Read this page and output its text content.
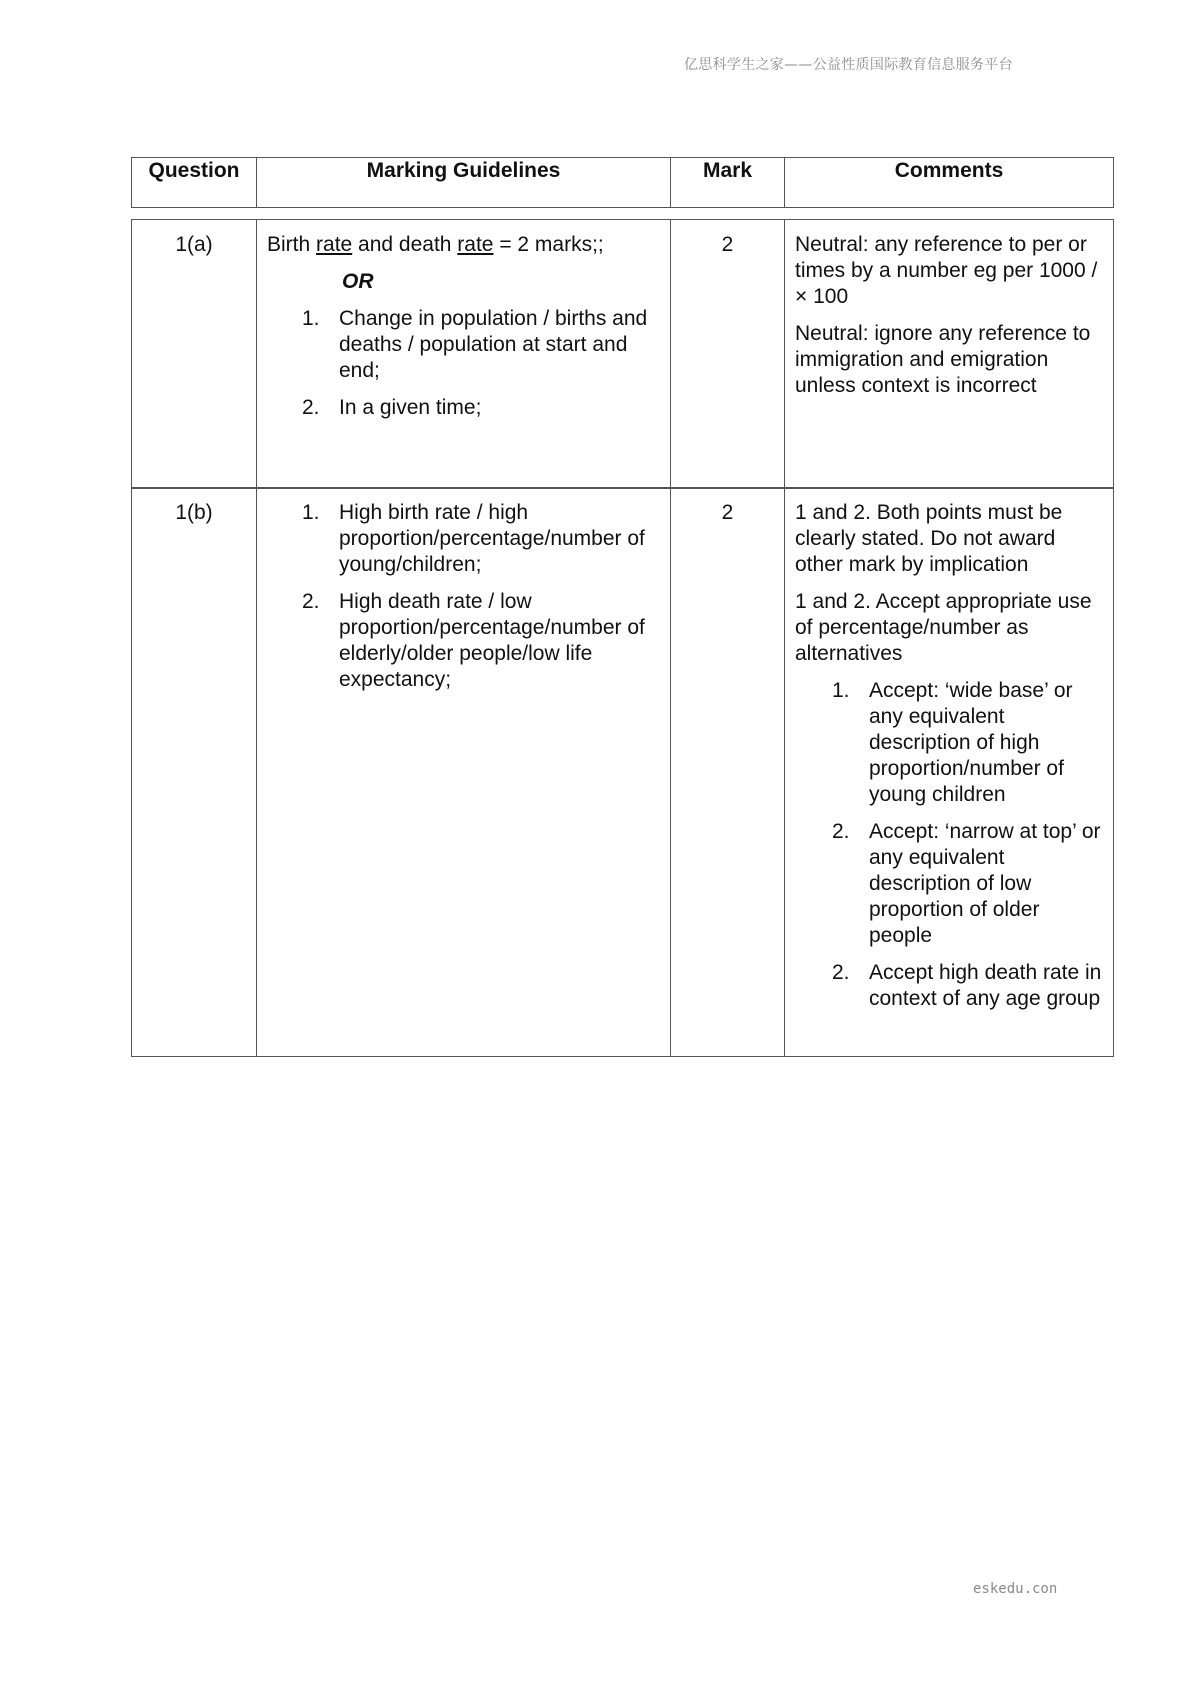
亿思科学生之家——公益性质国际教育信息服务平台
Question	Marking Guidelines	Mark	Comments
1(a)	Birth rate and death rate = 2 marks;;
OR
1. Change in population / births and deaths / population at start and end;
2. In a given time;
	2	Neutral: any reference to per or times by a number eg per 1000 / × 100
Neutral: ignore any reference to immigration and emigration unless context is incorrect
1(b)	1. High birth rate / high proportion/percentage/number of young/children;
2. High death rate / low proportion/percentage/number of elderly/older people/low life expectancy;
	2	1 and 2. Both points must be clearly stated. Do not award other mark by implication
1 and 2. Accept appropriate use of percentage/number as alternatives
1. Accept: ‘wide base’ or any equivalent description of high proportion/number of young children
2. Accept: ‘narrow at top’ or any equivalent description of low proportion of older people
2. Accept high death rate in context of any age group
eskedu.con
